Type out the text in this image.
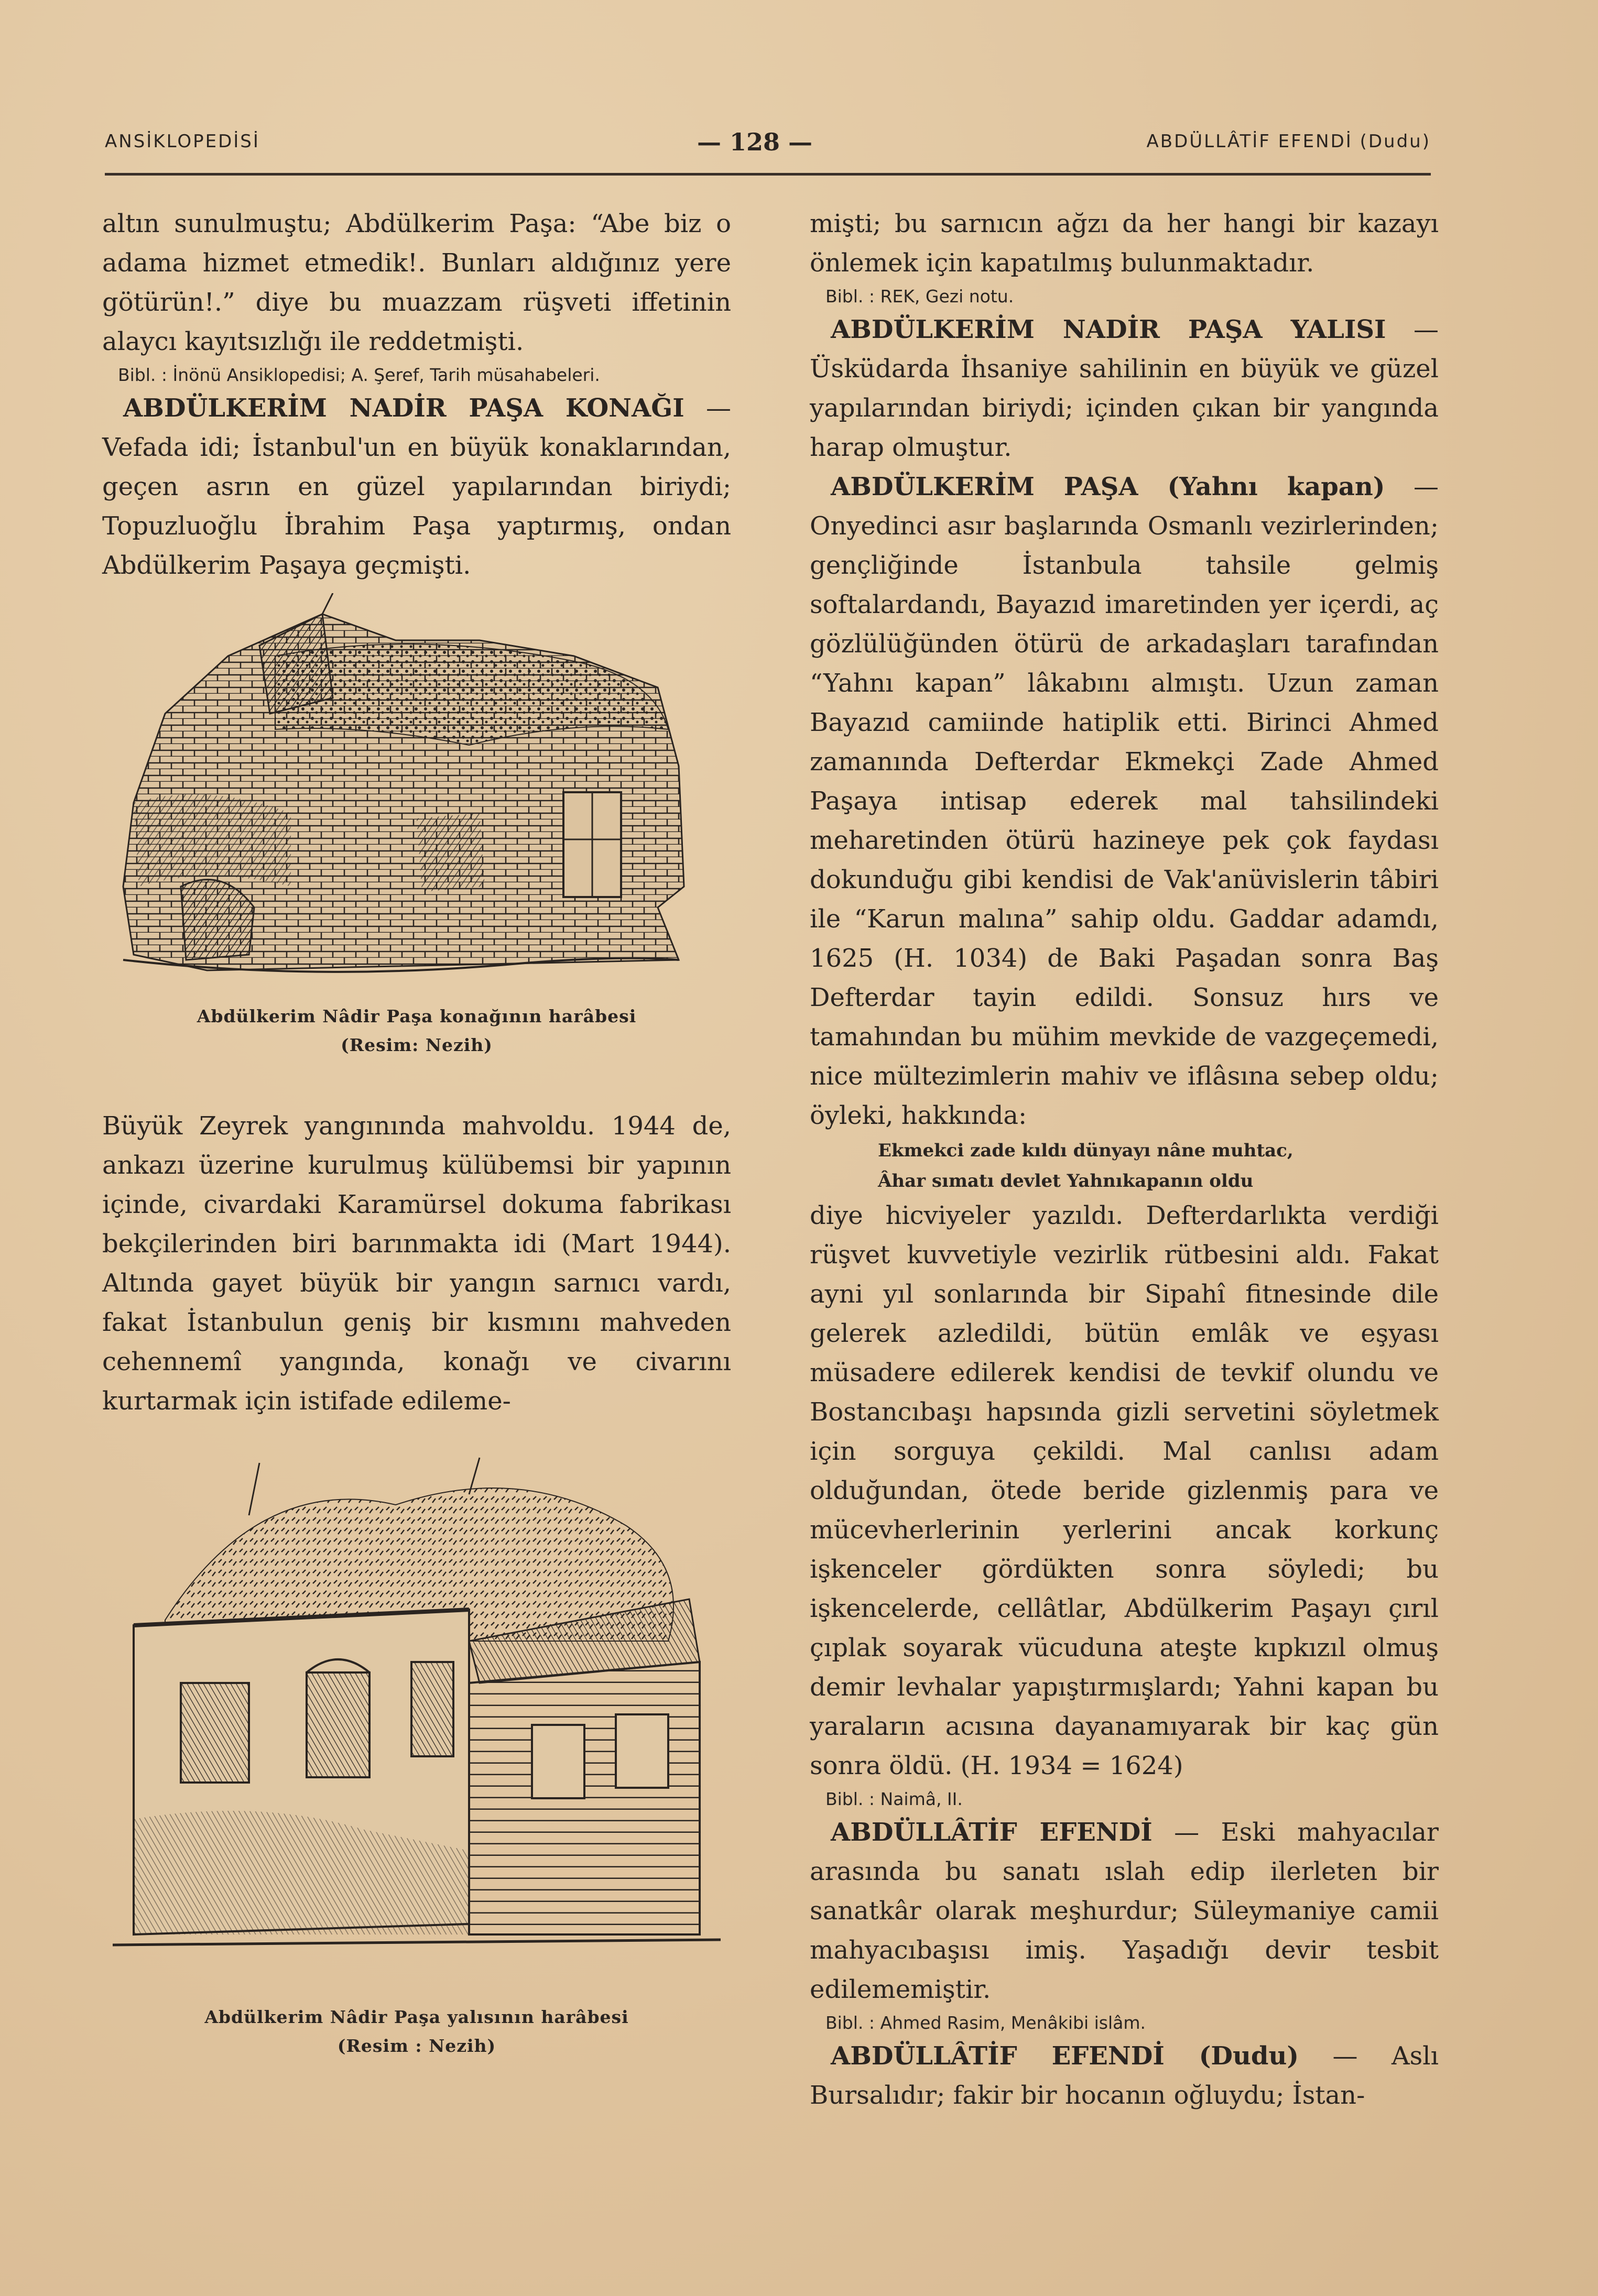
ANSİKLOPEDİSİ	— 128 —	ABDÜLLÂTİF EFENDİ (Dudu)

altın sunulmuştu; Abdülkerim Paşa: “Abe biz o adama hizmet etmedik!. Bunları aldığınız yere götürün!.” diye bu muazzam rüşveti iffetinin alaycı kayıtsızlığı ile reddetmişti.

Bibl. : İnönü Ansiklopedisi; A. Şeref, Tarih müsahabeleri.

ABDÜLKERİM NADİR PAŞA KONAĞI — Vefada idi; İstanbul'un en büyük konaklarından, geçen asrın en güzel yapılarından biriydi; Topuzluoğlu İbrahim Paşa yaptırmış, ondan Abdülkerim Paşaya geçmişti.

Abdülkerim Nâdir Paşa konağının harâbesi
(Resim: Nezih)

Büyük Zeyrek yangınında mahvoldu. 1944 de, ankazı üzerine kurulmuş külübemsi bir yapının içinde, civardaki Karamürsel dokuma fabrikası bekçilerinden biri barınmakta idi (Mart 1944). Altında gayet büyük bir yangın sarnıcı vardı, fakat İstanbulun geniş bir kısmını mahveden cehennemî yangında, konağı ve civarını kurtarmak için istifade edileme-

Abdülkerim Nâdir Paşa yalısının harâbesi
(Resim : Nezih)

mişti; bu sarnıcın ağzı da her hangi bir kazayı önlemek için kapatılmış bulunmaktadır.

Bibl. : REK, Gezi notu.

ABDÜLKERİM NADİR PAŞA YALISI — Üsküdarda İhsaniye sahilinin en büyük ve güzel yapılarından biriydi; içinden çıkan bir yangında harap olmuştur.

ABDÜLKERİM PAŞA (Yahnı kapan) — Onyedinci asır başlarında Osmanlı vezirlerinden; gençliğinde İstanbula tahsile gelmiş softalardandı, Bayazıd imaretinden yer içerdi, aç gözlülüğünden ötürü de arkadaşları tarafından “Yahnı kapan” lâkabını almıştı. Uzun zaman Bayazıd camiinde hatiplik etti. Birinci Ahmed zamanında Defterdar Ekmekçi Zade Ahmed Paşaya intisap ederek mal tahsilindeki meharetinden ötürü hazineye pek çok faydası dokunduğu gibi kendisi de Vak'anüvislerin tâbiri ile “Karun malına” sahip oldu. Gaddar adamdı, 1625 (H. 1034) de Baki Paşadan sonra Baş Defterdar tayin edildi. Sonsuz hırs ve tamahından bu mühim mevkide de vazgeçemedi, nice mültezimlerin mahiv ve iflâsına sebep oldu; öyleki, hakkında:

Ekmekci zade kıldı dünyayı nâne muhtac,
Âhar sımatı devlet Yahnıkapanın oldu

diye hicviyeler yazıldı. Defterdarlıkta verdiği rüşvet kuvvetiyle vezirlik rütbesini aldı. Fakat ayni yıl sonlarında bir Sipahî fitnesinde dile gelerek azledildi, bütün emlâk ve eşyası müsadere edilerek kendisi de tevkif olundu ve Bostancıbaşı hapsında gizli servetini söyletmek için sorguya çekildi. Mal canlısı adam olduğundan, ötede beride gizlenmiş para ve mücevherlerinin yerlerini ancak korkunç işkenceler gördükten sonra söyledi; bu işkencelerde, cellâtlar, Abdülkerim Paşayı çırıl çıplak soyarak vücuduna ateşte kıpkızıl olmuş demir levhalar yapıştırmışlardı; Yahni kapan bu yaraların acısına dayanamıyarak bir kaç gün sonra öldü. (H. 1934 = 1624)

Bibl. : Naimâ, II.

ABDÜLLÂTİF EFENDİ — Eski mahyacılar arasında bu sanatı ıslah edip ilerleten bir sanatkâr olarak meşhurdur; Süleymaniye camii mahyacıbaşısı imiş. Yaşadığı devir tesbit edilememiştir.

Bibl. : Ahmed Rasim, Menâkibi islâm.

ABDÜLLÂTİF EFENDİ (Dudu) — Aslı Bursalıdır; fakir bir hocanın oğluydu; İstan-
